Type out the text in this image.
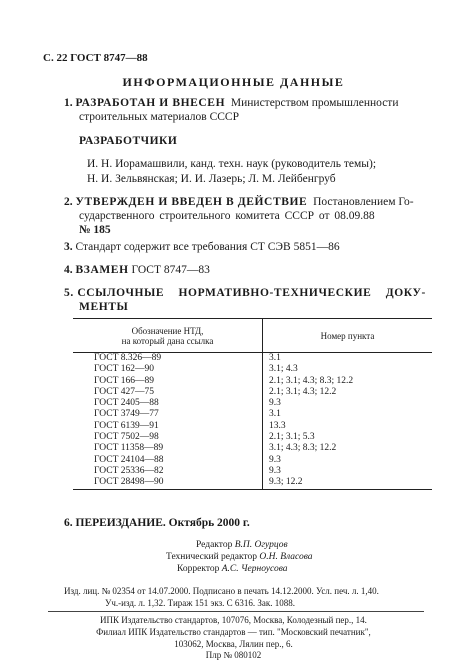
С. 22 ГОСТ 8747—88
ИНФОРМАЦИОННЫЕ ДАННЫЕ
1. РАЗРАБОТАН И ВНЕСЕН Министерством промышленности
строительных материалов СССР
РАЗРАБОТЧИКИ
И. Н. Иорамашвили, канд. техн. наук (руководитель темы);
Н. И. Зельвянская; И. И. Лазерь; Л. М. Лейбенгруб
2. УТВЕРЖДЕН И ВВЕДЕН В ДЕЙСТВИЕ Постановлением Го-
сударственного строительного комитета СССР от 08.09.88
№ 185
3. Стандарт содержит все требования СТ СЭВ 5851—86
4. ВЗАМЕН ГОСТ 8747—83
5. ССЫЛОЧНЫЕ НОРМАТИВНО-ТЕХНИЧЕСКИЕ ДОКУ-
МЕНТЫ
Обозначение НТД,
на который дана ссылка	Номер пункта
ГОСТ 8.326—89	3.1
ГОСТ 162—90	3.1; 4.3
ГОСТ 166—89	2.1; 3.1; 4.3; 8.3; 12.2
ГОСТ 427—75	2.1; 3.1; 4.3; 12.2
ГОСТ 2405—88	9.3
ГОСТ 3749—77	3.1
ГОСТ 6139—91	13.3
ГОСТ 7502—98	2.1; 3.1; 5.3
ГОСТ 11358—89	3.1; 4.3; 8.3; 12.2
ГОСТ 24104—88	9.3
ГОСТ 25336—82	9.3
ГОСТ 28498—90	9.3; 12.2
6. ПЕРЕИЗДАНИЕ. Октябрь 2000 г.
Редактор В.П. Огурцов
Технический редактор О.Н. Власова
Корректор А.С. Черноусова
Изд. лиц. № 02354 от 14.07.2000. Подписано в печать 14.12.2000. Усл. печ. л. 1,40.
Уч.-изд. л. 1,32. Тираж 151 экз. С 6316. Зак. 1088.
ИПК Издательство стандартов, 107076, Москва, Колодезный пер., 14.
Филиал ИПК Издательство стандартов — тип. "Московский печатник",
103062, Москва, Лялин пер., 6.
Плр № 080102
